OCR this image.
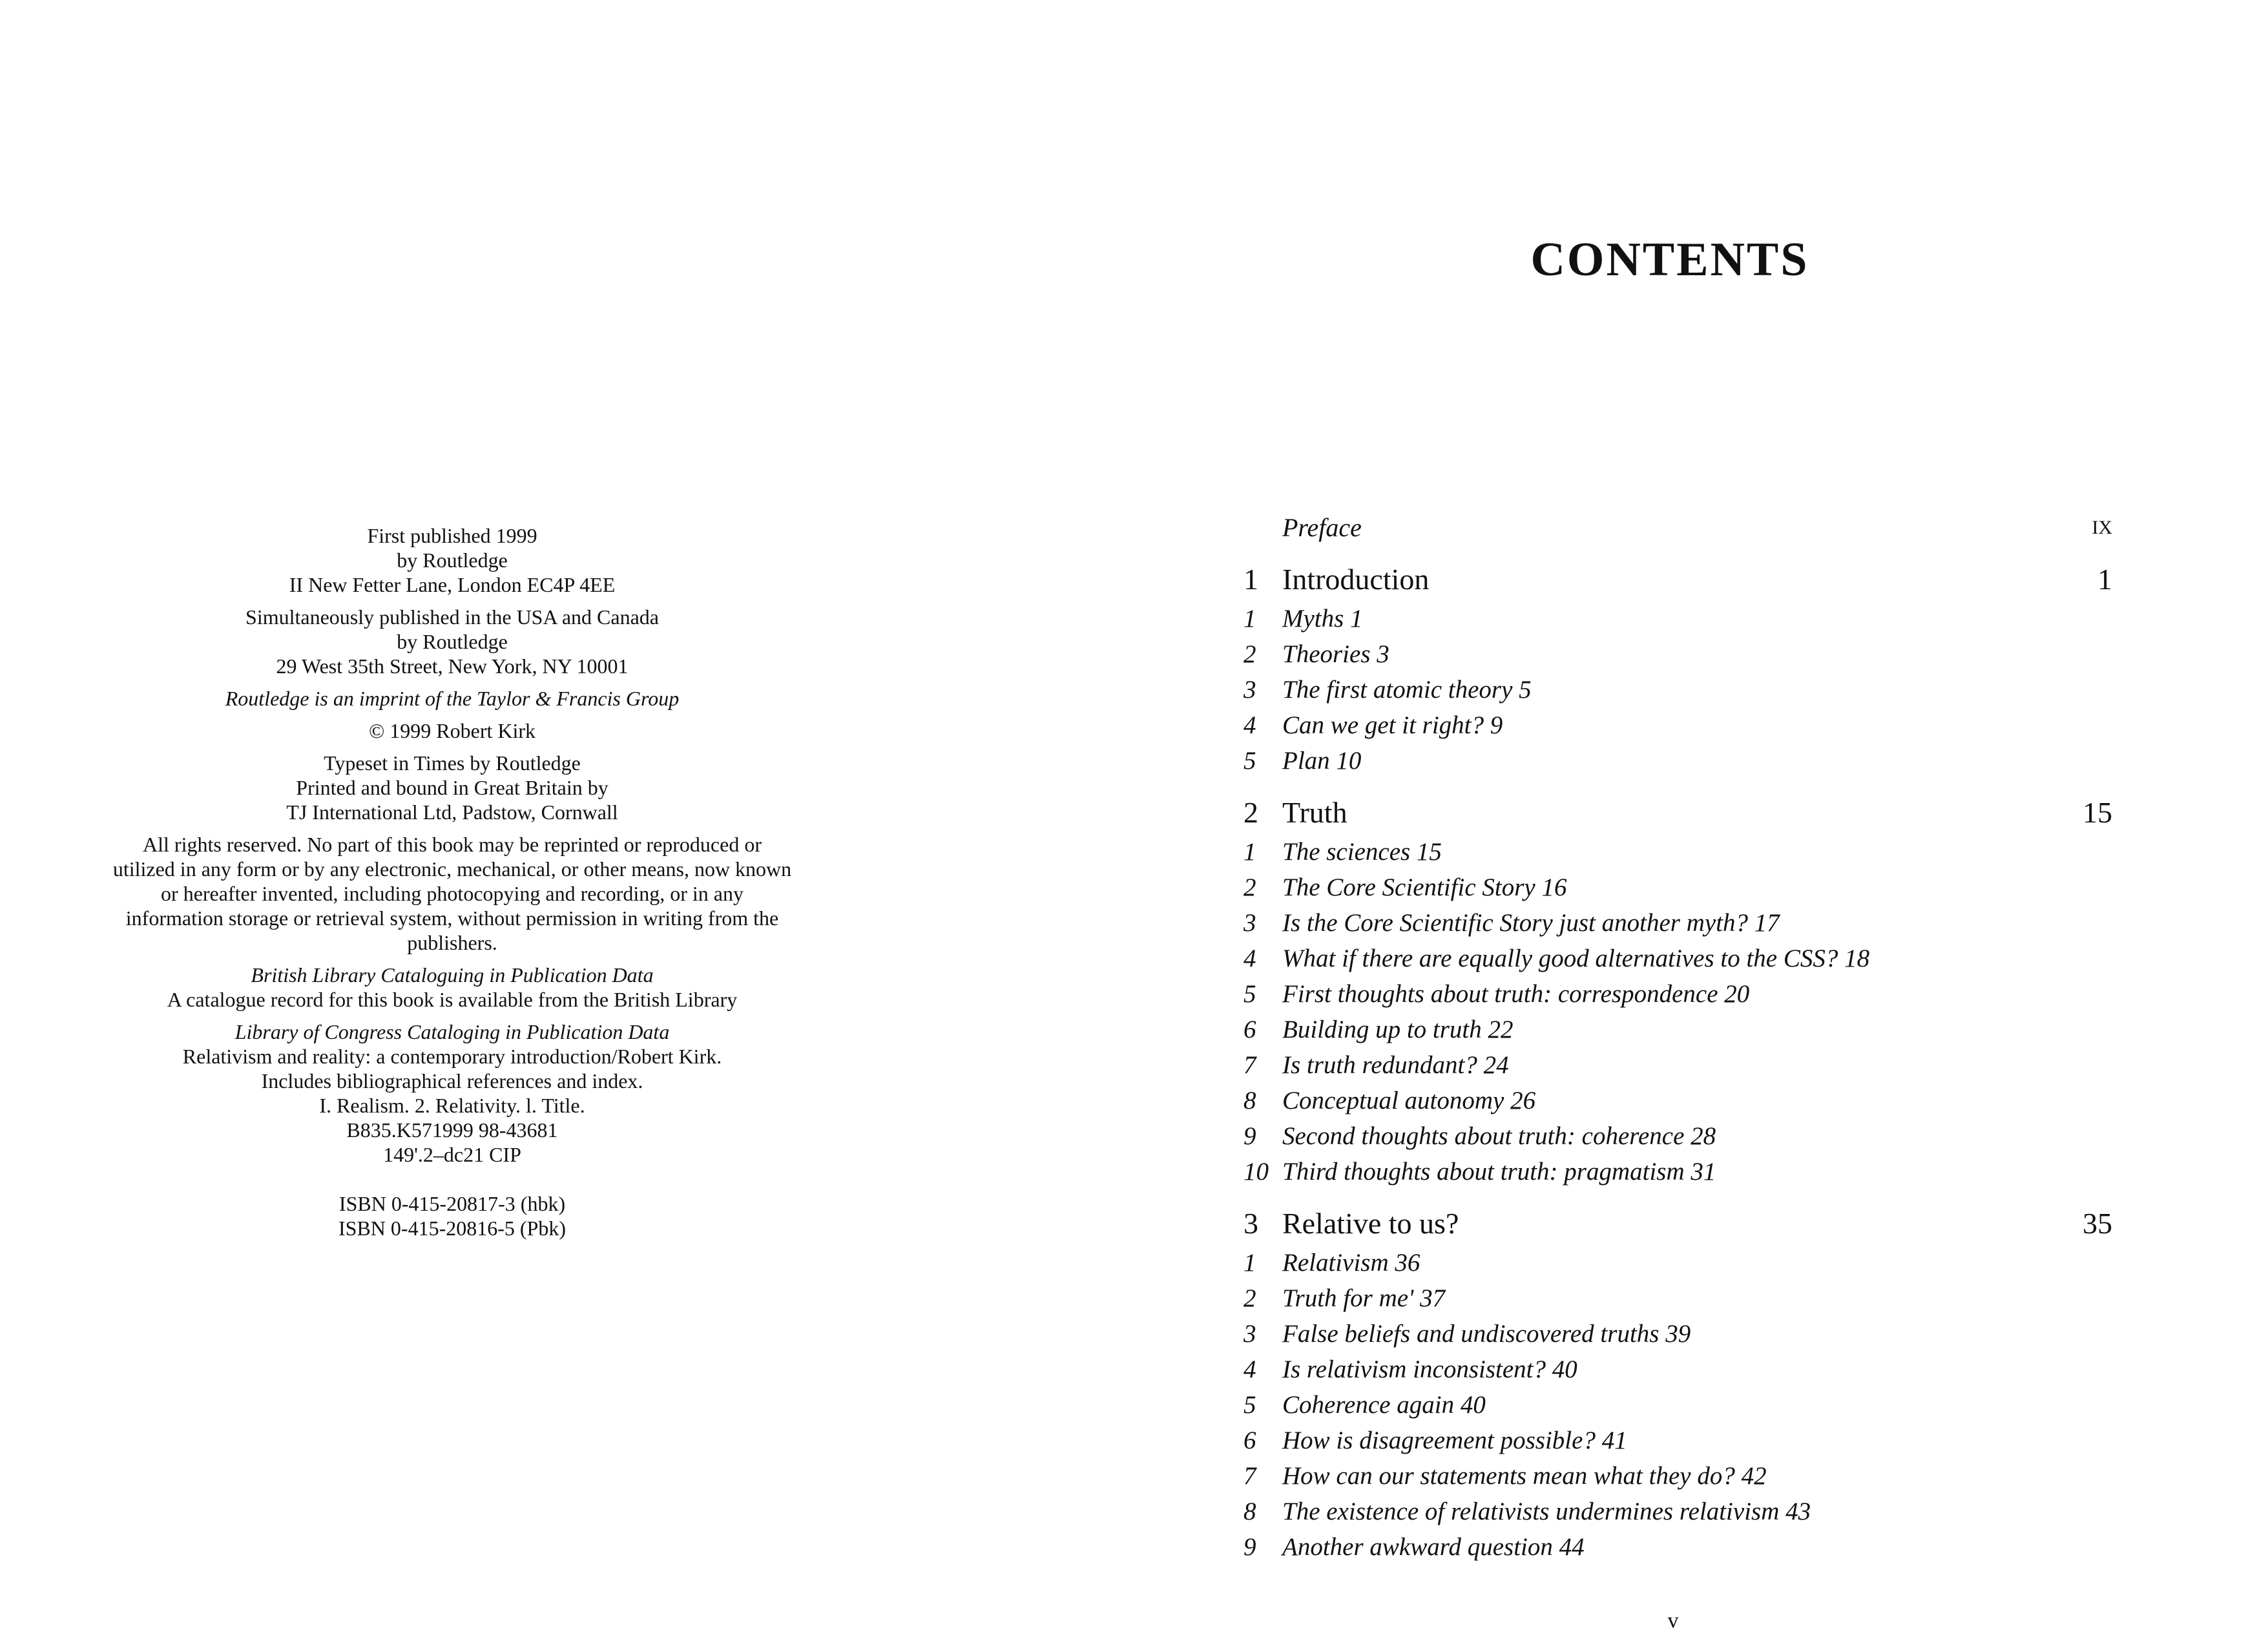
First published 1999

by Routledge

II New Fetter Lane, London EC4P 4EE

Simultaneously published in the USA and Canada

by Routledge

29 West 35th Street, New York, NY 10001

Routledge is an imprint of the Taylor & Francis Group

© 1999 Robert Kirk

Typeset in Times by Routledge

Printed and bound in Great Britain by

TJ International Ltd, Padstow, Cornwall

All rights reserved. No part of this book may be reprinted or reproduced or

utilized in any form or by any electronic, mechanical, or other means, now known

or hereafter invented, including photocopying and recording, or in any

information storage or retrieval system, without permission in writing from the

publishers.

British Library Cataloguing in Publication Data

A catalogue record for this book is available from the British Library

Library of Congress Cataloging in Publication Data

Relativism and reality: a contemporary introduction/Robert Kirk.

Includes bibliographical references and index.

I. Realism. 2. Relativity. l. Title.

B835.K571999 98-43681

149'.2–dc21 CIP

ISBN 0-415-20817-3 (hbk)

ISBN 0-415-20816-5 (Pbk)

CONTENTS
Preface	IX
1 Introduction	1
1	Myths 1
2	Theories 3
3	The first atomic theory 5
4	Can we get it right? 9
5	Plan 10
2 Truth	15
1	The sciences 15
2	The Core Scientific Story 16
3	Is the Core Scientific Story just another myth? 17
4	What if there are equally good alternatives to the CSS? 18
5	First thoughts about truth: correspondence 20
6	Building up to truth 22
7	Is truth redundant? 24
8	Conceptual autonomy 26
9	Second thoughts about truth: coherence 28
10 Third thoughts about truth: pragmatism 31
3 Relative to us?	35
1	Relativism 36
2	Truth for me' 37
3	False beliefs and undiscovered truths 39
4	Is relativism inconsistent? 40
5	Coherence again 40
6	How is disagreement possible? 41
7	How can our statements mean what they do? 42
8	The existence of relativists undermines relativism 43
9	Another awkward question 44
v
